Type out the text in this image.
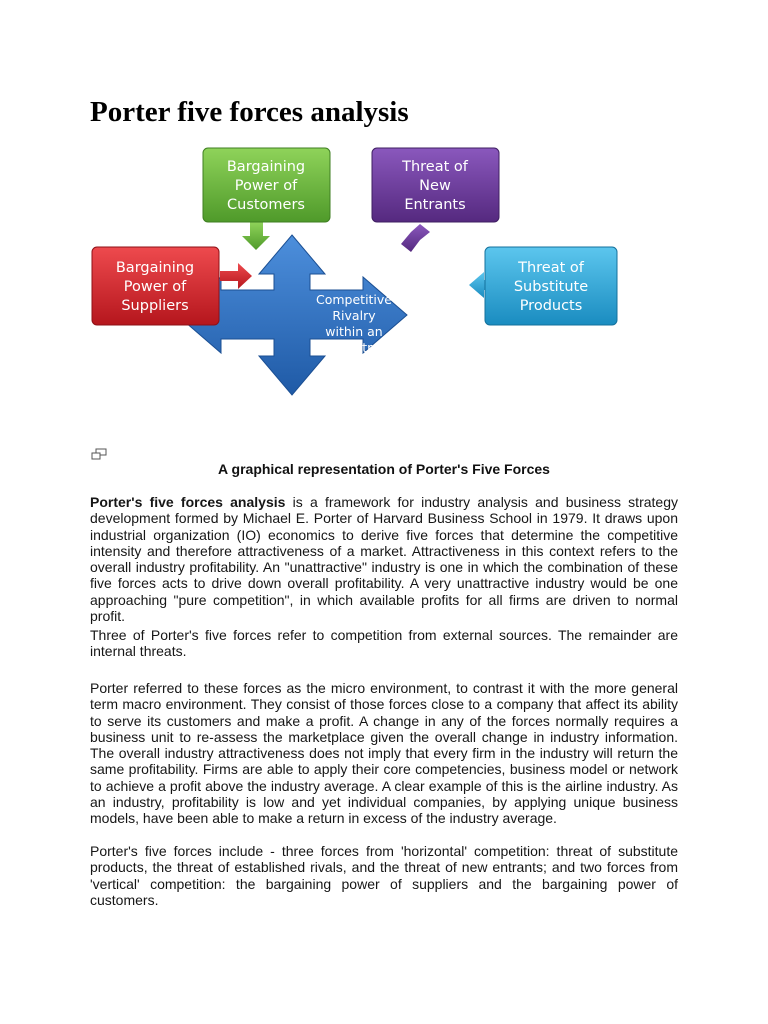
Porter five forces analysis
Bargaining
Power of
Customers
Threat of
New
Entrants
Bargaining
Power of
Suppliers
Threat of
Substitute
Products
Competitive
Rivalry
within an
Industry

A graphical representation of Porter's Five Forces

Porter's five forces analysis is a framework for industry analysis and business strategy development formed by Michael E. Porter of Harvard Business School in 1979. It draws upon industrial organization (IO) economics to derive five forces that determine the competitive intensity and therefore attractiveness of a market. Attractiveness in this context refers to the overall industry profitability. An "unattractive" industry is one in which the combination of these five forces acts to drive down overall profitability. A very unattractive industry would be one approaching "pure competition", in which available profits for all firms are driven to normal profit.

Three of Porter's five forces refer to competition from external sources. The remainder are internal threats.

Porter referred to these forces as the micro environment, to contrast it with the more general term macro environment. They consist of those forces close to a company that affect its ability to serve its customers and make a profit. A change in any of the forces normally requires a business unit to re-assess the marketplace given the overall change in industry information. The overall industry attractiveness does not imply that every firm in the industry will return the same profitability. Firms are able to apply their core competencies, business model or network to achieve a profit above the industry average. A clear example of this is the airline industry. As an industry, profitability is low and yet individual companies, by applying unique business models, have been able to make a return in excess of the industry average.

Porter's five forces include - three forces from 'horizontal' competition: threat of substitute products, the threat of established rivals, and the threat of new entrants; and two forces from 'vertical' competition: the bargaining power of suppliers and the bargaining power of customers.
